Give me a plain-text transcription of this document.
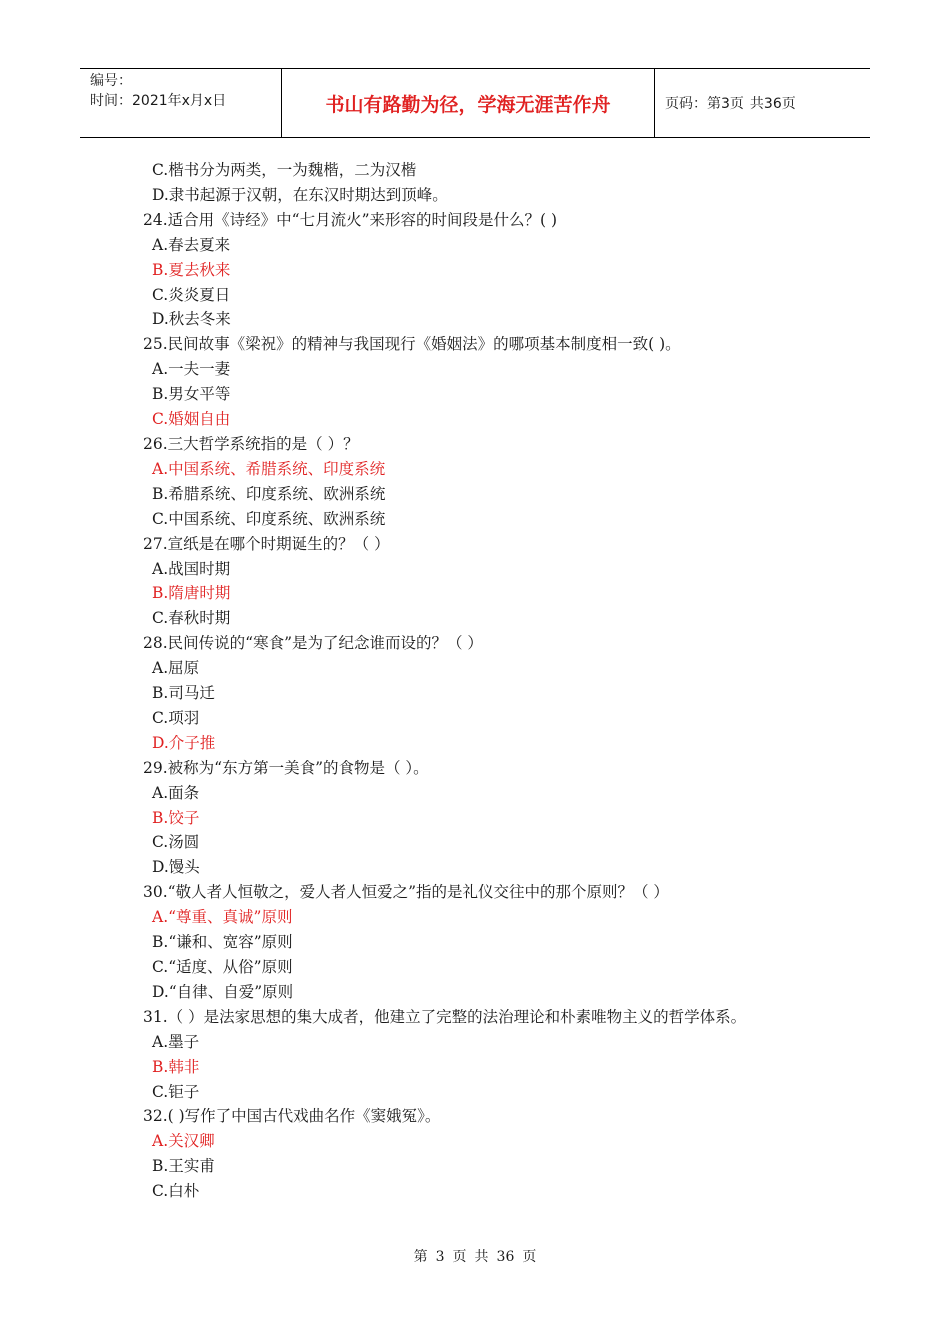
编号：
时间：2021年x月x日	书山有路勤为径，学海无涯苦作舟	页码：第3页 共36页
C.楷书分为两类，一为魏楷，二为汉楷
D.隶书起源于汉朝，在东汉时期达到顶峰。
24.适合用《诗经》中“七月流火”来形容的时间段是什么？( )
A.春去夏来
B.夏去秋来
C.炎炎夏日
D.秋去冬来
25.民间故事《梁祝》的精神与我国现行《婚姻法》的哪项基本制度相一致( )。
A.一夫一妻
B.男女平等
C.婚姻自由
26.三大哲学系统指的是（ ）？
A.中国系统、希腊系统、印度系统
B.希腊系统、印度系统、欧洲系统
C.中国系统、印度系统、欧洲系统
27.宣纸是在哪个时期诞生的？（ ）
A.战国时期
B.隋唐时期
C.春秋时期
28.民间传说的“寒食”是为了纪念谁而设的？（ ）
A.屈原
B.司马迁
C.项羽
D.介子推
29.被称为“东方第一美食”的食物是（ ）。
A.面条
B.饺子
C.汤圆
D.馒头
30.“敬人者人恒敬之，爱人者人恒爱之”指的是礼仪交往中的那个原则？（ ）
A.“尊重、真诚”原则
B.“谦和、宽容”原则
C.“适度、从俗”原则
D.“自律、自爱”原则
31.（ ）是法家思想的集大成者，他建立了完整的法治理论和朴素唯物主义的哲学体系。
A.墨子
B.韩非
C.钜子
32.( )写作了中国古代戏曲名作《窦娥冤》。
A.关汉卿
B.王实甫
C.白朴
第 3 页 共 36 页
